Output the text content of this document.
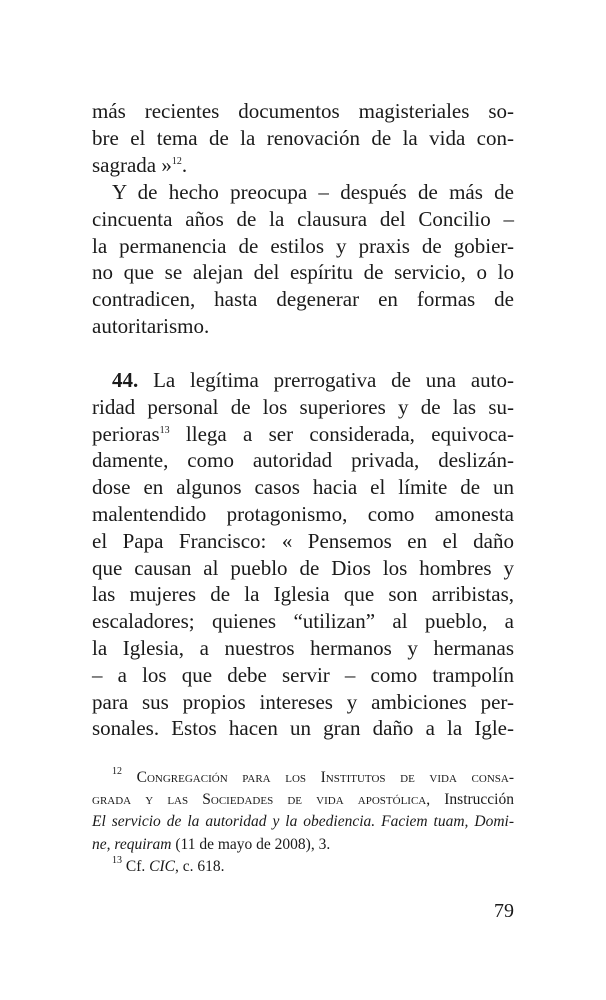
más recientes documentos magisteriales so-
bre el tema de la renovación de la vida con-
sagrada »$^{12}$.
Y de hecho preocupa – después de más de
cincuenta años de la clausura del Concilio –
la permanencia de estilos y praxis de gobier-
no que se alejan del espíritu de servicio, o lo
contradicen, hasta degenerar en formas de
autoritarismo.
44. La legítima prerrogativa de una auto-
ridad personal de los superiores y de las su-
perioras$^{13}$ llega a ser considerada, equivoca-
damente, como autoridad privada, deslizán-
dose en algunos casos hacia el límite de un
malentendido protagonismo, como amonesta
el Papa Francisco: « Pensemos en el daño
que causan al pueblo de Dios los hombres y
las mujeres de la Iglesia que son arribistas,
escaladores; quienes “utilizan” al pueblo, a
la Iglesia, a nuestros hermanos y hermanas
– a los que debe servir – como trampolín
para sus propios intereses y ambiciones per-
sonales. Estos hacen un gran daño a la Igle-
$^{12}$ Congregación para los Institutos de vida consa-
grada y las Sociedades de vida apostólica, Instrucción
El servicio de la autoridad y la obediencia. Faciem tuam, Domi-
ne, requiram (11 de mayo de 2008), 3.
$^{13}$ Cf. CIC, c. 618.
79
